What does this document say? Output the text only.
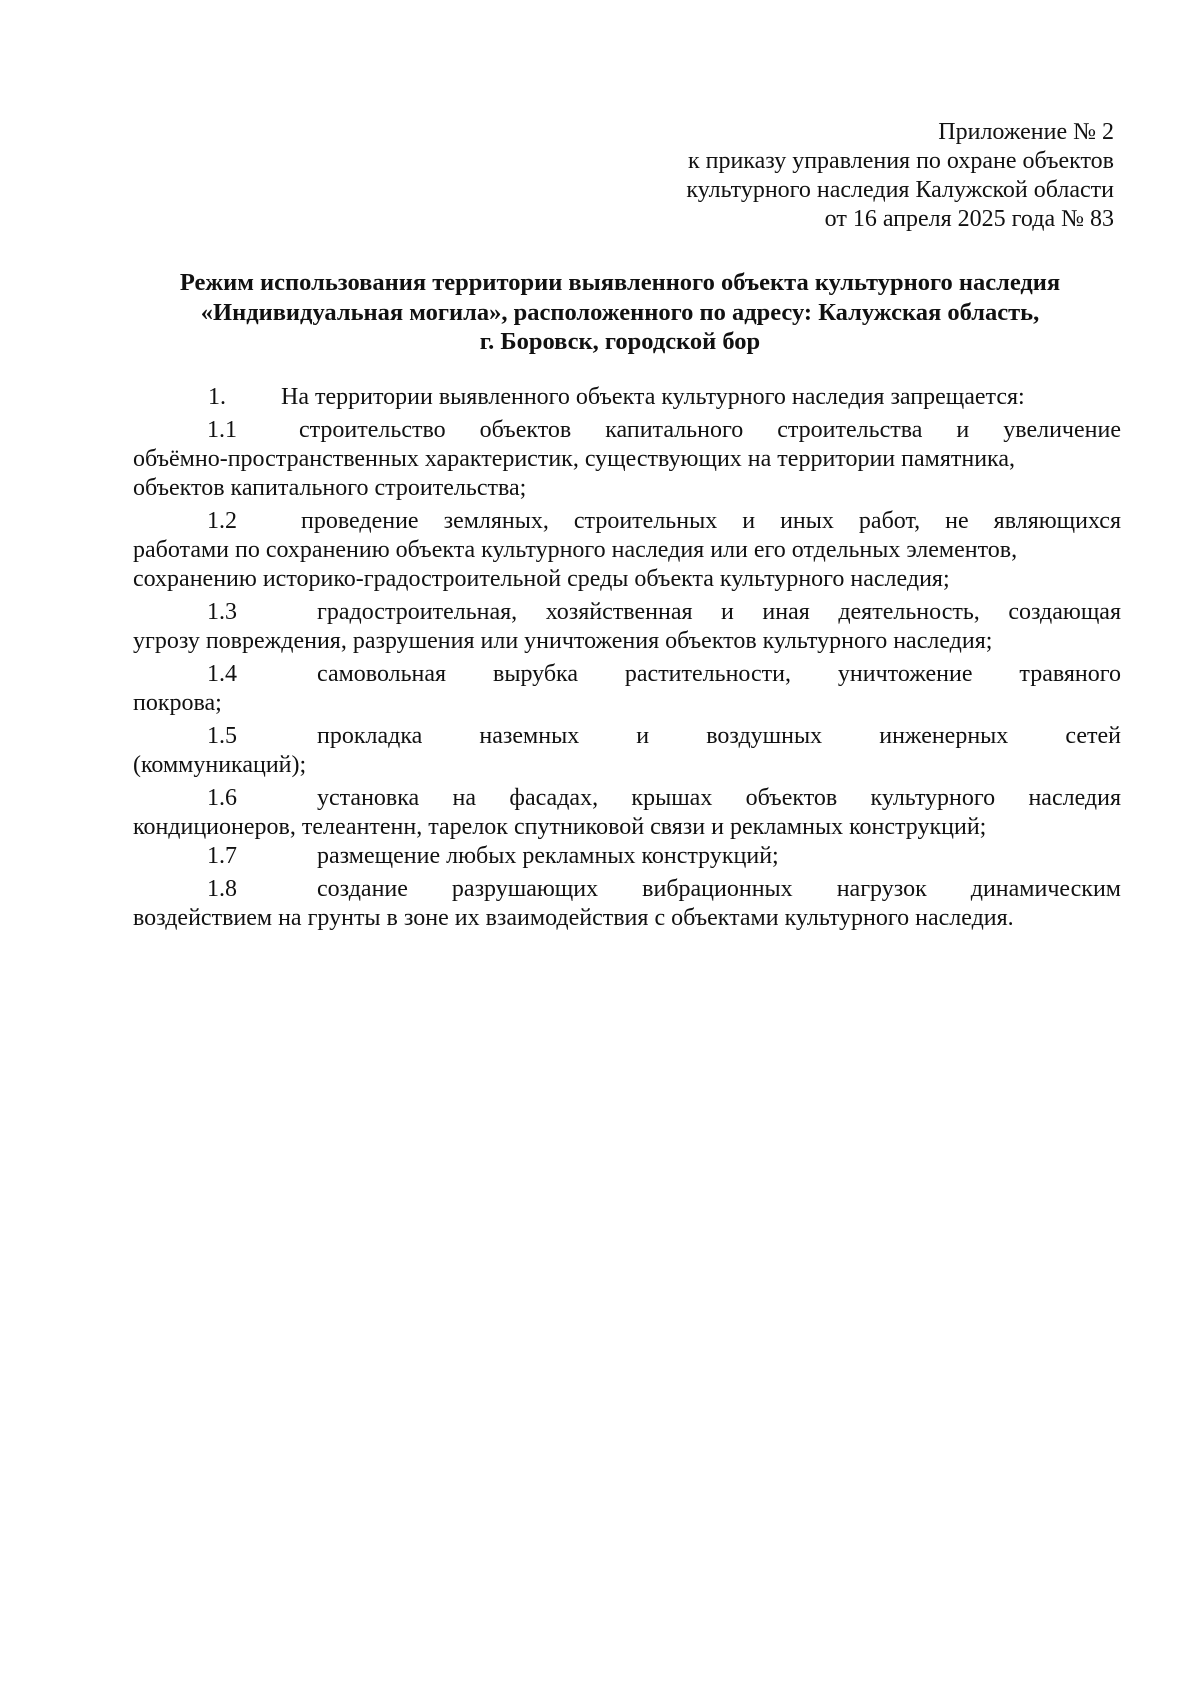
Приложение № 2
к приказу управления по охране объектов
культурного наследия Калужской области
от 16 апреля 2025 года № 83
Режим использования территории выявленного объекта культурного наследия
«Индивидуальная могила», расположенного по адресу: Калужская область,
г. Боровск, городской бор
1. На территории выявленного объекта культурного наследия запрещается:
1.1	строительство объектов капитального строительства и увеличение
объёмно-пространственных характеристик, существующих на территории памятника,
объектов капитального строительства;
1.2	проведение земляных, строительных и иных работ, не являющихся
работами по сохранению объекта культурного наследия или его отдельных элементов,
сохранению историко-градостроительной среды объекта культурного наследия;
1.3	градостроительная, хозяйственная и иная деятельность, создающая
угрозу повреждения, разрушения или уничтожения объектов культурного наследия;
1.4	самовольная вырубка растительности, уничтожение травяного
покрова;
1.5	прокладка наземных и воздушных инженерных сетей
(коммуникаций);
1.6	установка на фасадах, крышах объектов культурного наследия
кондиционеров, телеантенн, тарелок спутниковой связи и рекламных конструкций;
1.7	размещение любых рекламных конструкций;
1.8	создание разрушающих вибрационных нагрузок динамическим
воздействием на грунты в зоне их взаимодействия с объектами культурного наследия.
